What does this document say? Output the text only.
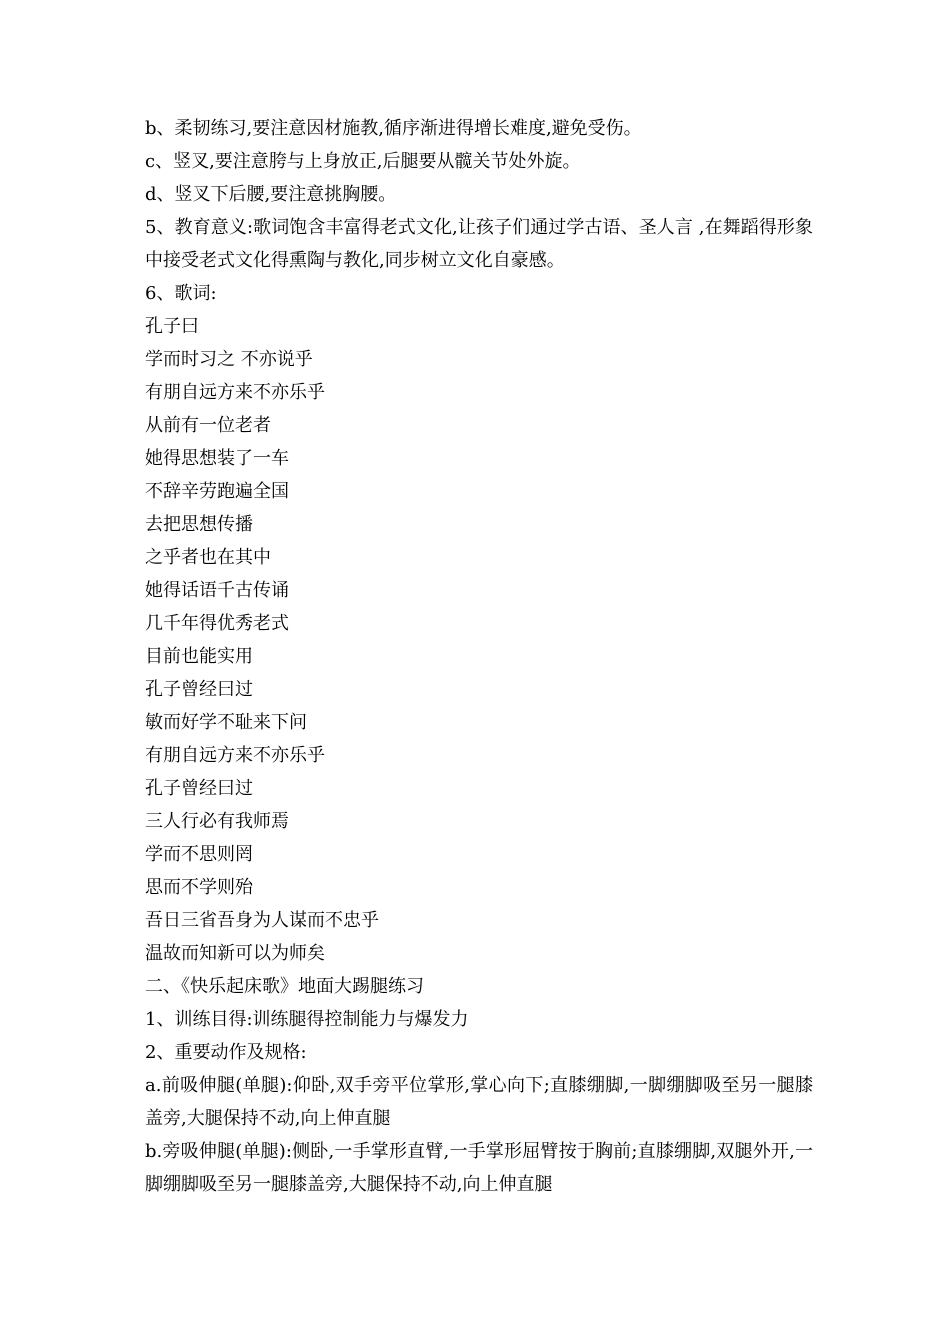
b、柔韧练习,要注意因材施教,循序渐进得增长难度,避免受伤。
c、竖叉,要注意胯与上身放正,后腿要从髋关节处外旋。
d、竖叉下后腰,要注意挑胸腰。
5、教育意义:歌词饱含丰富得老式文化,让孩子们通过学古语、圣人言 ,在舞蹈得形象中接受老式文化得熏陶与教化,同步树立文化自豪感。
6、歌词:
孔子曰
学而时习之 不亦说乎
有朋自远方来不亦乐乎
从前有一位老者
她得思想装了一车
不辞辛劳跑遍全国
去把思想传播
之乎者也在其中
她得话语千古传诵
几千年得优秀老式
目前也能实用
孔子曾经曰过
敏而好学不耻来下问
有朋自远方来不亦乐乎
孔子曾经曰过
三人行必有我师焉
学而不思则罔
思而不学则殆
吾日三省吾身为人谋而不忠乎
温故而知新可以为师矣
二、《快乐起床歌》地面大踢腿练习
1、训练目得:训练腿得控制能力与爆发力
2、重要动作及规格:
a.前吸伸腿(单腿):仰卧,双手旁平位掌形,掌心向下;直膝绷脚,一脚绷脚吸至另一腿膝盖旁,大腿保持不动,向上伸直腿
b.旁吸伸腿(单腿):侧卧,一手掌形直臂,一手掌形屈臂按于胸前;直膝绷脚,双腿外开,一脚绷脚吸至另一腿膝盖旁,大腿保持不动,向上伸直腿
